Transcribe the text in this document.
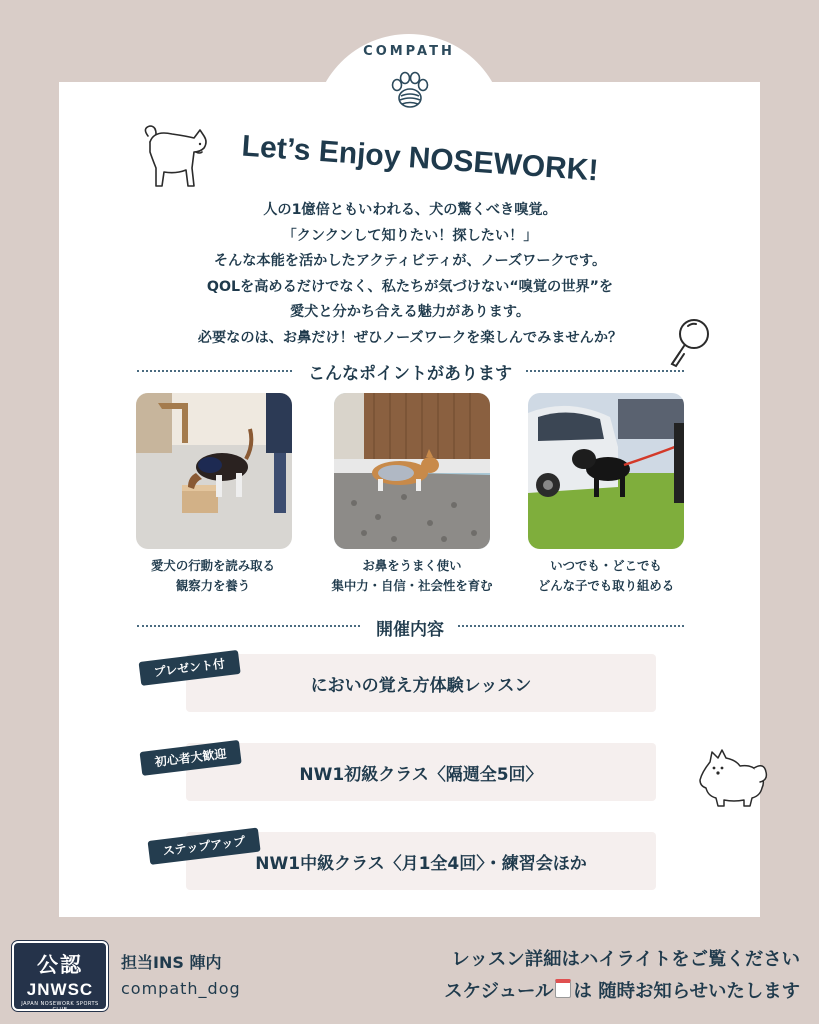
COMPATH
Let’s Enjoy NOSEWORK!
人の1億倍ともいわれる、犬の驚くべき嗅覚。
「クンクンして知りたい！探したい！」
そんな本能を活かしたアクティビティが、ノーズワークです。
QOLを高めるだけでなく、私たちが気づけない“嗅覚の世界”を
愛犬と分かち合える魅力があります。
必要なのは、お鼻だけ！ぜひノーズワークを楽しんでみませんか？
こんなポイントがあります
愛犬の行動を読み取る
観察力を養う
お鼻をうまく使い
集中力・自信・社会性を育む
いつでも・どこでも
どんな子でも取り組める
開催内容
においの覚え方体験レッスン
プレゼント付
NW1初級クラス〈隔週全5回〉
初心者大歓迎
NW1中級クラス〈月1全4回〉・練習会ほか
ステップアップ
公認
JNWSC
JAPAN NOSEWORK SPORTS CLUB
担当INS 陣内
compath_dog
レッスン詳細はハイライトをご覧ください
スケジュール は 随時お知らせいたします
